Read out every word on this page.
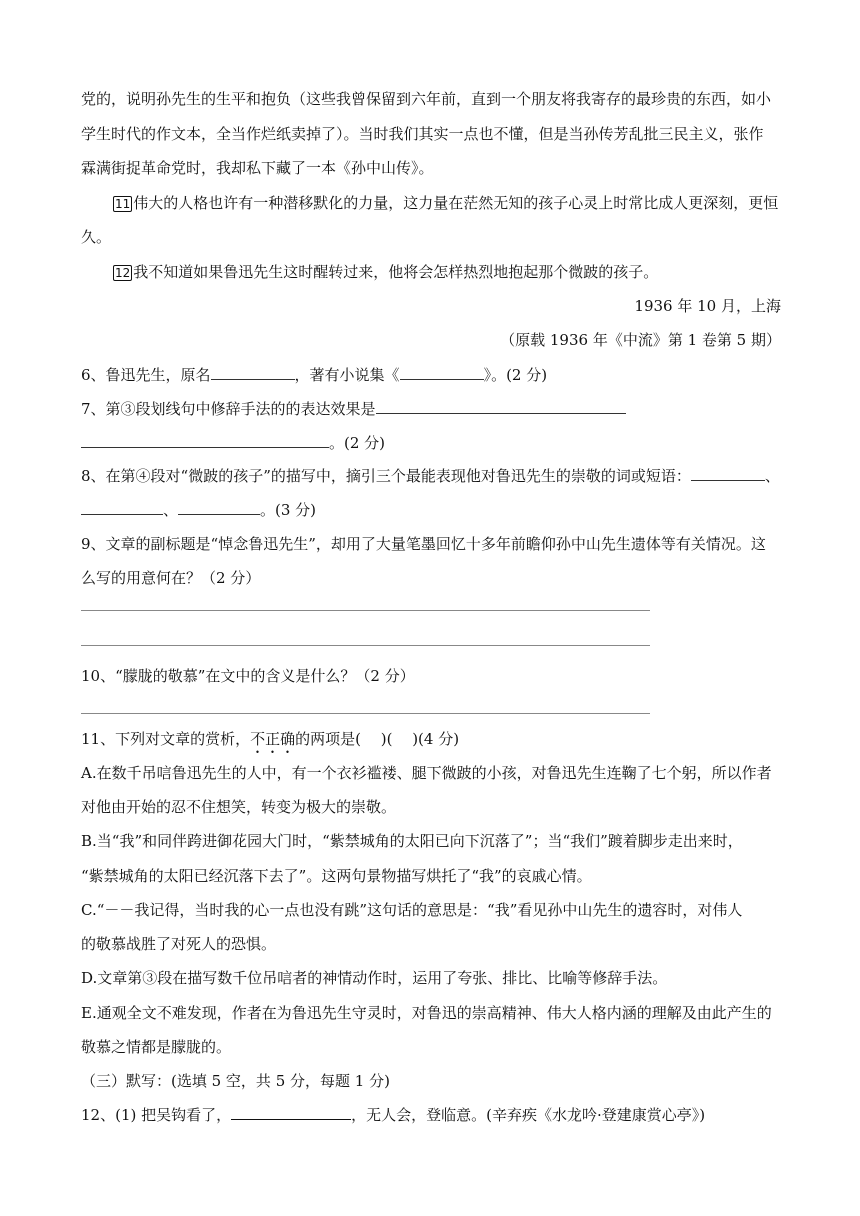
党的，说明孙先生的生平和抱负（这些我曾保留到六年前，直到一个朋友将我寄存的最珍贵的东西，如小
学生时代的作文本，全当作烂纸卖掉了）。当时我们其实一点也不懂，但是当孙传芳乱批三民主义，张作
霖满街捉革命党时，我却私下藏了一本《孙中山传》。
11 伟大的人格也许有一种潜移默化的力量，这力量在茫然无知的孩子心灵上时常比成人更深刻，更恒
久。
12 我不知道如果鲁迅先生这时醒转过来，他将会怎样热烈地抱起那个微跛的孩子。
1936 年 10 月，上海
（原载 1936 年《中流》第 1 卷第 5 期）
6、鲁迅先生，原名	，著有小说集《	》。(2 分)
7、第③段划线句中修辞手法的的表达效果是
。(2 分)
8、在第④段对“微跛的孩子”的描写中，摘引三个最能表现他对鲁迅先生的崇敬的词或短语：	、
、	。(3 分)
9、文章的副标题是“悼念鲁迅先生”，却用了大量笔墨回忆十多年前瞻仰孙中山先生遗体等有关情况。这
么写的用意何在？（2 分）
10、“朦胧的敬慕”在文中的含义是什么？（2 分）
11、下列对文章的赏析，不正确的两项是(　 )(　 )(4 分)
A.在数千吊唁鲁迅先生的人中，有一个衣衫褴褛、腿下微跛的小孩，对鲁迅先生连鞠了七个躬，所以作者
对他由开始的忍不住想笑，转变为极大的崇敬。
B.当“我”和同伴跨进御花园大门时，“紫禁城角的太阳已向下沉落了”；当“我们”踱着脚步走出来时，
“紫禁城角的太阳已经沉落下去了”。这两句景物描写烘托了“我”的哀戚心情。
C.“－－我记得，当时我的心一点也没有跳”这句话的意思是：“我”看见孙中山先生的遗容时，对伟人
的敬慕战胜了对死人的恐惧。
D.文章第③段在描写数千位吊唁者的神情动作时，运用了夸张、排比、比喻等修辞手法。
E.通观全文不难发现，作者在为鲁迅先生守灵时，对鲁迅的崇高精神、伟大人格内涵的理解及由此产生的
敬慕之情都是朦胧的。
（三）默写：(选填 5 空，共 5 分，每题 1 分)
12、(1) 把吴钩看了，	，无人会，登临意。(辛弃疾《水龙吟·登建康赏心亭》)
